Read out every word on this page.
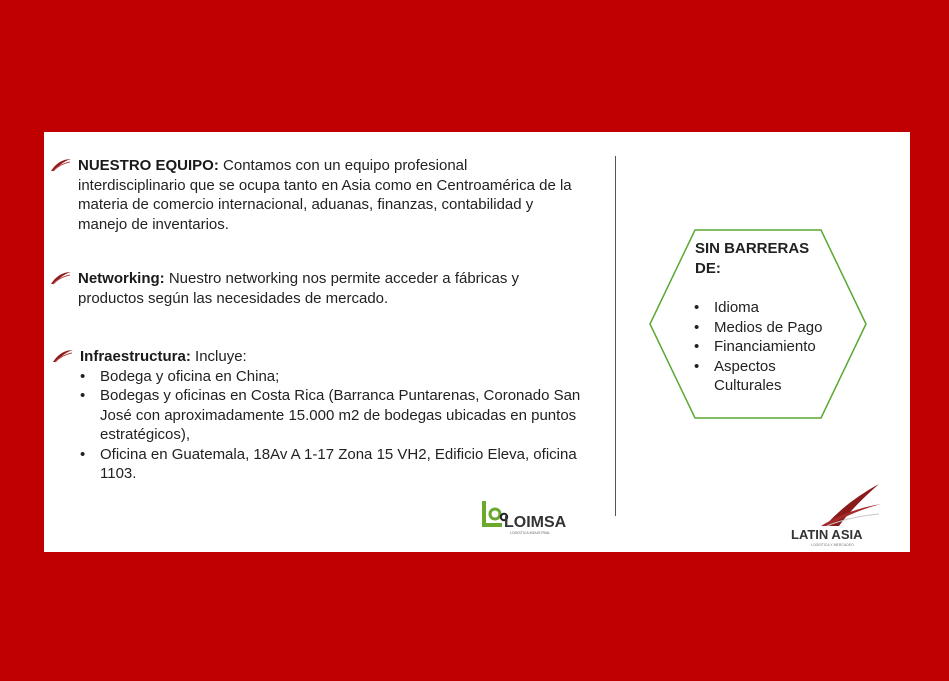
NUESTRO EQUIPO: Contamos con un equipo profesional interdisciplinario que se ocupa tanto en Asia como en Centroamérica de la materia de comercio internacional, aduanas, finanzas, contabilidad y manejo de inventarios.
Networking: Nuestro networking nos permite acceder a fábricas y productos según las necesidades de mercado.
Infraestructura: Incluye:
• Bodega y oficina en China;
• Bodegas y oficinas en Costa Rica (Barranca Puntarenas, Coronado San José con aproximadamente 15.000 m2 de bodegas ubicadas en puntos estratégicos),
• Oficina en Guatemala, 18Av A 1-17 Zona 15 VH2, Edificio Eleva, oficina 1103.
SIN BARRERAS
DE:
• Idioma
• Medios de Pago
• Financiamiento
• Aspectos Culturales
LOIMSA
LOGISTICA INDUSTRIAL	LATIN ASIA
LOGISTICA Y MERCADEO
